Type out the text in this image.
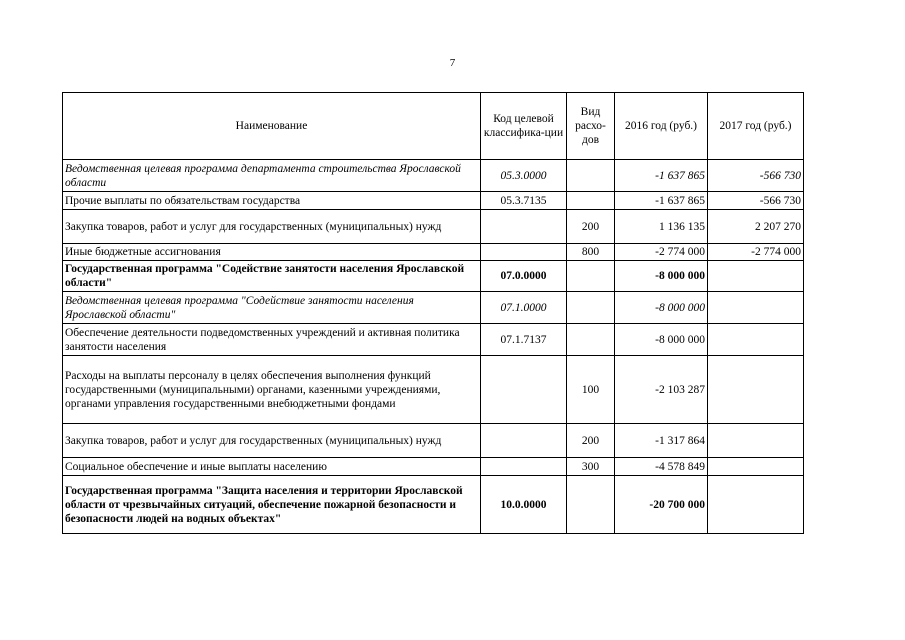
7
Наименование	Код целевой классифика-ции	Вид расхо-дов	2016 год (руб.)	2017 год (руб.)
Ведомственная целевая программа департамента строительства Ярославской области	05.3.0000		-1 637 865	-566 730
Прочие выплаты по обязательствам государства	05.3.7135		-1 637 865	-566 730
Закупка товаров, работ и услуг для государственных (муниципальных) нужд		200	1 136 135	2 207 270
Иные бюджетные ассигнования		800	-2 774 000	-2 774 000
Государственная программа "Содействие занятости населения Ярославской области"	07.0.0000		-8 000 000	
Ведомственная целевая программа "Содействие занятости населения Ярославской области"	07.1.0000		-8 000 000	
Обеспечение деятельности подведомственных учреждений и активная политика занятости населения	07.1.7137		-8 000 000	
Расходы на выплаты персоналу в целях обеспечения выполнения функций государственными (муниципальными) органами, казенными учреждениями, органами управления государственными внебюджетными фондами		100	-2 103 287	
Закупка товаров, работ и услуг для государственных (муниципальных) нужд		200	-1 317 864	
Социальное обеспечение и иные выплаты населению		300	-4 578 849	
Государственная программа "Защита населения и территории Ярославской области от чрезвычайных ситуаций, обеспечение пожарной безопасности и безопасности людей на водных объектах"	10.0.0000		-20 700 000	
